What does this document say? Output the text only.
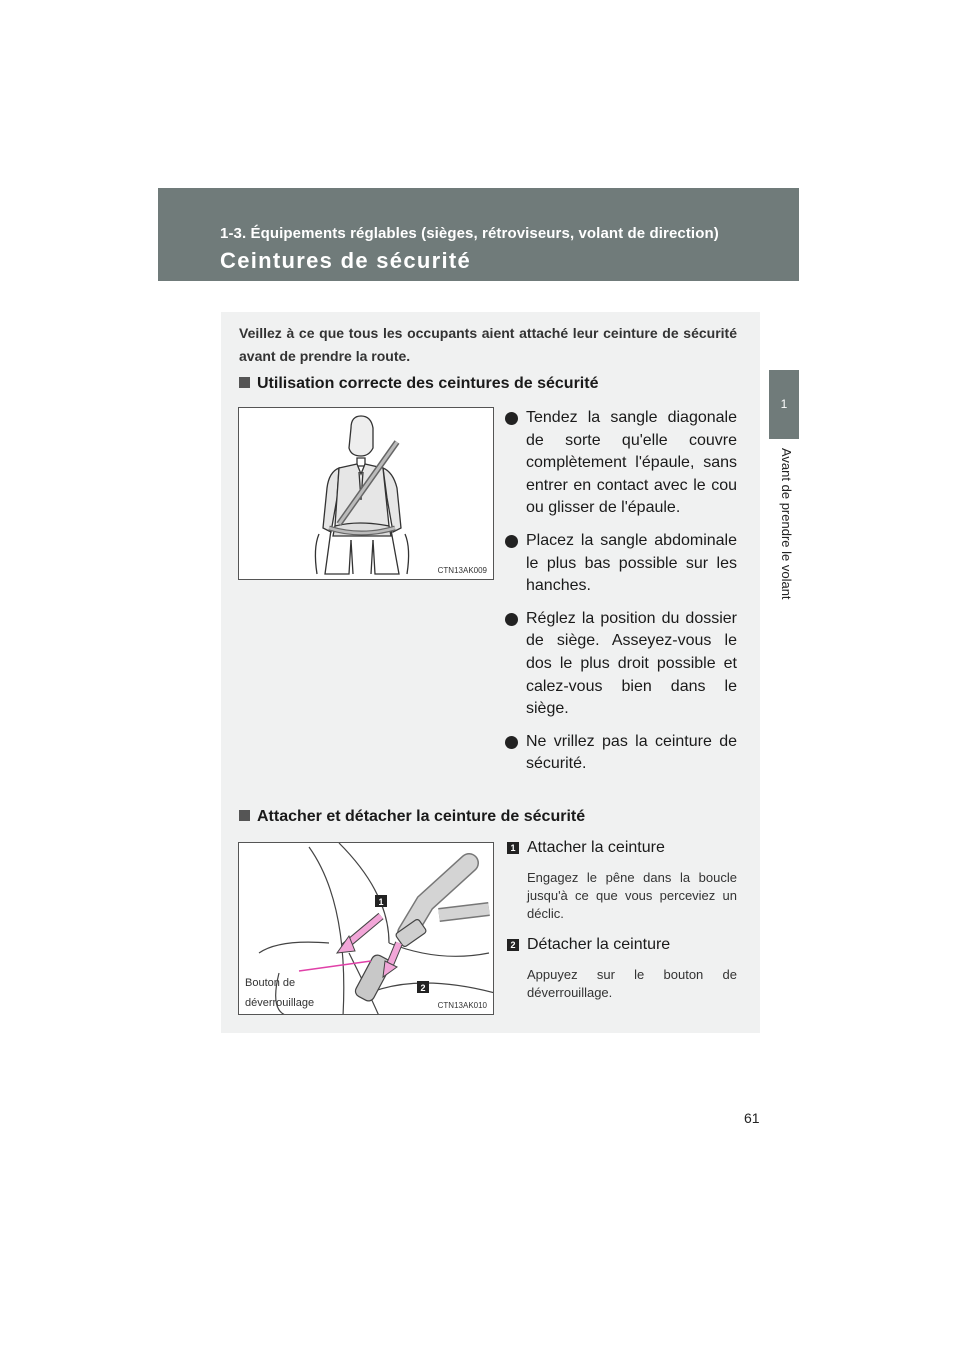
1-3. Équipements réglables (sièges, rétroviseurs, volant de direction)
Ceintures de sécurité
1
Avant de prendre le volant
Veillez à ce que tous les occupants aient attaché leur ceinture de sécurité avant de prendre la route.
Utilisation correcte des ceintures de sécurité
CTN13AK009
Tendez la sangle diagonale de sorte qu'elle couvre complètement l'épaule, sans entrer en contact avec le cou ou glisser de l'épaule.
Placez la sangle abdominale le plus bas possible sur les hanches.
Réglez la position du dossier de siège. Asseyez-vous le dos le plus droit possible et calez-vous bien dans le siège.
Ne vrillez pas la ceinture de sécurité.
Attacher et détacher la ceinture de sécurité
1
2
Bouton de
déverrouillage	CTN13AK010
1 Attacher la ceinture
Engagez le pêne dans la boucle jusqu'à ce que vous perceviez un déclic.
2 Détacher la ceinture
Appuyez sur le bouton de déverrouillage.
61
